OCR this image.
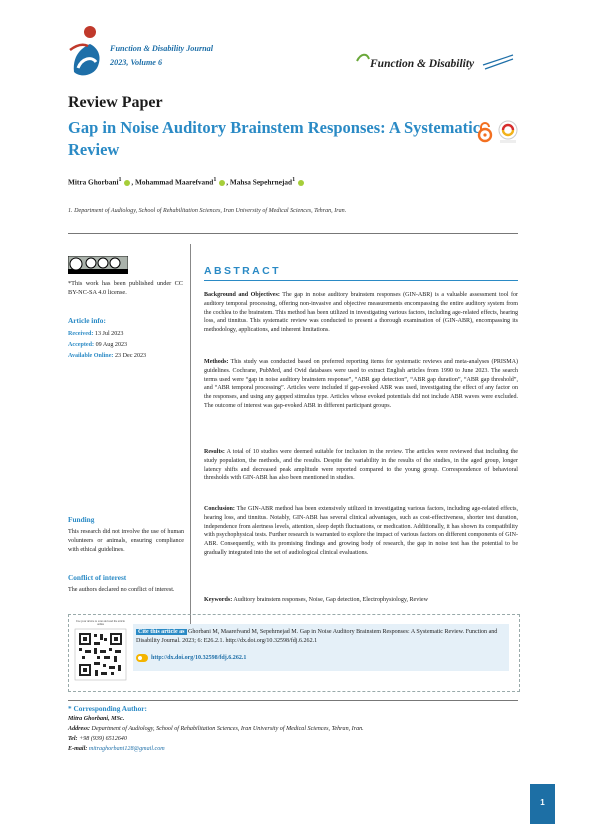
Function & Disability Journal
2023, Volume 6	Function & Disability
Review Paper
Gap in Noise Auditory Brainstem Responses: A Systematic Review
Mitra Ghorbani$^1$ , Mohammad Maarefvand$^1$ , Mahsa Sepehrnejad$^1$
1. Department of Audiology, School of Rehabilitation Sciences, Iran University of Medical Sciences, Tehran, Iran.
*This work has been published under CC BY-NC-SA 4.0 license.
Article info:
Received: 13 Jul 2023
Accepted: 09 Aug 2023
Available Online: 23 Dec 2023
Funding
This research did not involve the use of human volunteers or animals, ensuring compliance with ethical guidelines.
Conflict of interest
The authors declared no conflict of interest.
ABSTRACT
Background and Objectives: The gap in noise auditory brainstem responses (GIN-ABR) is a valuable assessment tool for auditory temporal processing, offering non-invasive and objective measurements encompassing the entire auditory system from the cochlea to the brainstem. This method has been utilized in investigating various factors, including age-related effects, hearing loss, and tinnitus. This systematic review was conducted to present a thorough examination of (GIN-ABR), encompassing its methodology, applications, and inherent limitations.
Methods: This study was conducted based on preferred reporting items for systematic reviews and meta-analyses (PRISMA) guidelines. Cochrane, PubMed, and Ovid databases were used to extract English articles from 1990 to June 2023. The search terms used were “gap in noise auditory brainstem response”, “ABR gap detection”, “ABR gap duration”, “ABR gap threshold”, and “ABR temporal processing”. Articles were included if gap-evoked ABR was used, investigating the effect of any factor on the responses, and using any gapped stimulus type. Articles whose evoked potentials did not include ABR waves were excluded. The outcome of interest was gap-evoked ABR in different participant groups.
Results: A total of 10 studies were deemed suitable for inclusion in the review. The articles were reviewed that including the study population, the methods, and the results. Despite the variability in the results of the studies, in the aged group, longer latency shifts and decreased peak amplitude were reported compared to the young group. Correspondence of behavioral thresholds with GIN-ABR has also been mentioned in studies.
Conclusion: The GIN-ABR method has been extensively utilized in investigating various factors, including age-related effects, hearing loss, and tinnitus. Notably, GIN-ABR has several clinical advantages, such as cost-effectiveness, shorter test duration, independence from alertness levels, attention, sleep depth fluctuations, or medication. Additionally, it has shown its compatibility with psychophysical tests. Further research is warranted to explore the impact of various factors on different components of GIN-ABR. Consequently, with its promising findings and growing body of research, the gap in noise test has the potential to be gradually integrated into the set of audiological clinical evaluations.
Keywords: Auditory brainstem responses, Noise, Gap detection, Electrophysiology, Review
Use your device to scan and read the article online
Cite this article as Ghorbani M, Maarefvand M, Sepehrnejad M. Gap in Noise Auditory Brainstem Responses: A Systematic Review. Function and Disability Journal. 2023; 6: E26.2.1. http://dx.doi.org/10.32598/fdj.6.262.1
http://dx.doi.org/10.32598/fdj.6.262.1
* Corresponding Author:
Mitra Ghorbani, MSc.
Address: Department of Audiology, School of Rehabilitation Sciences, Iran University of Medical Sciences, Tehran, Iran.
Tel: +98 (939) 6512640
E-mail: mitraghorbani128@gmail.com
1
